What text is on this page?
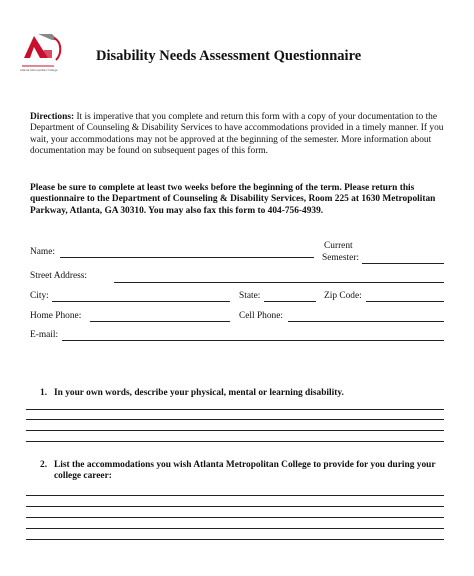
Atlanta Metropolitan College
Disability Needs Assessment Questionnaire
Directions: It is imperative that you complete and return this form with a copy of your documentation to the Department of Counseling & Disability Services to have accommodations provided in a timely manner. If you wait, your accommodations may not be approved at the beginning of the semester. More information about documentation may be found on subsequent pages of this form.
Please be sure to complete at least two weeks before the beginning of the term. Please return this questionnaire to the Department of Counseling & Disability Services, Room 225 at 1630 Metropolitan Parkway, Atlanta, GA 30310. You may also fax this form to 404-756-4939.
Name:
Current
Semester:
Street Address:
City:	State:	Zip Code:
Home Phone:	Cell Phone:
E-mail:
1. In your own words, describe your physical, mental or learning disability.
2. List the accommodations you wish Atlanta Metropolitan College to provide for you during your college career:
